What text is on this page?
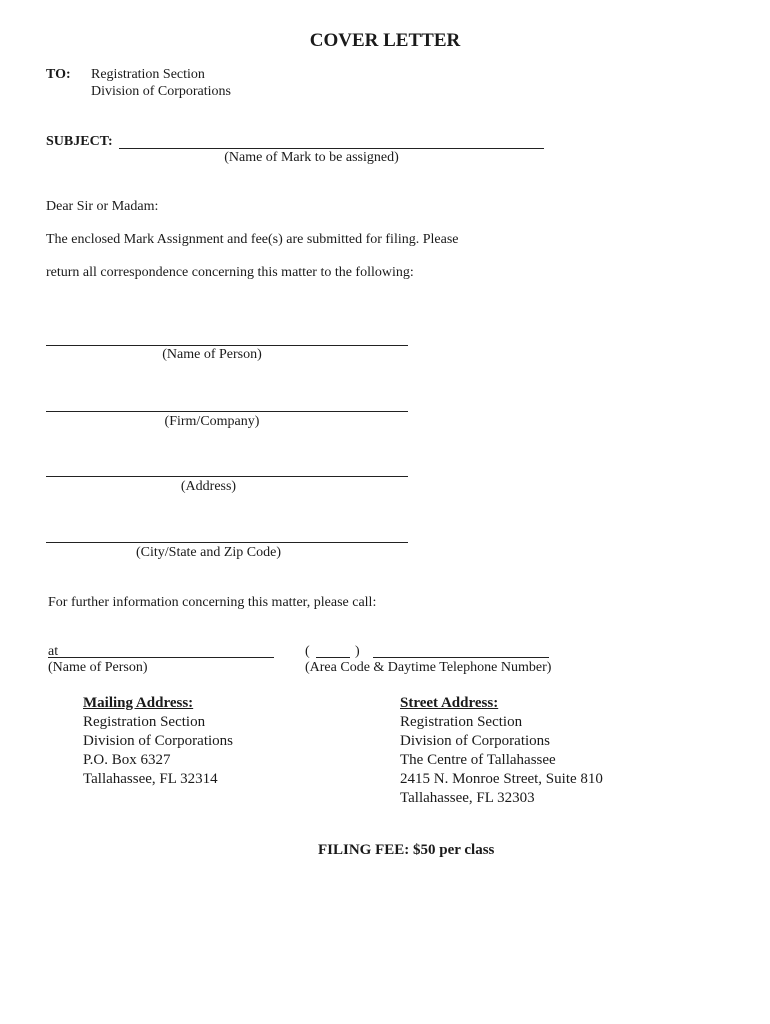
COVER LETTER
TO: Registration Section
Division of Corporations
SUBJECT:
(Name of Mark to be assigned)
Dear Sir or Madam:
The enclosed Mark Assignment and fee(s) are submitted for filing. Please
return all correspondence concerning this matter to the following:
(Name of Person)
(Firm/Company)
(Address)
(City/State and Zip Code)
For further information concerning this matter, please call:
at
(Name of Person)
(	)
(Area Code & Daytime Telephone Number)
Mailing Address:
Registration Section
Division of Corporations
P.O. Box 6327
Tallahassee, FL 32314
Street Address:
Registration Section
Division of Corporations
The Centre of Tallahassee
2415 N. Monroe Street, Suite 810
Tallahassee, FL 32303
FILING FEE: $50 per class
